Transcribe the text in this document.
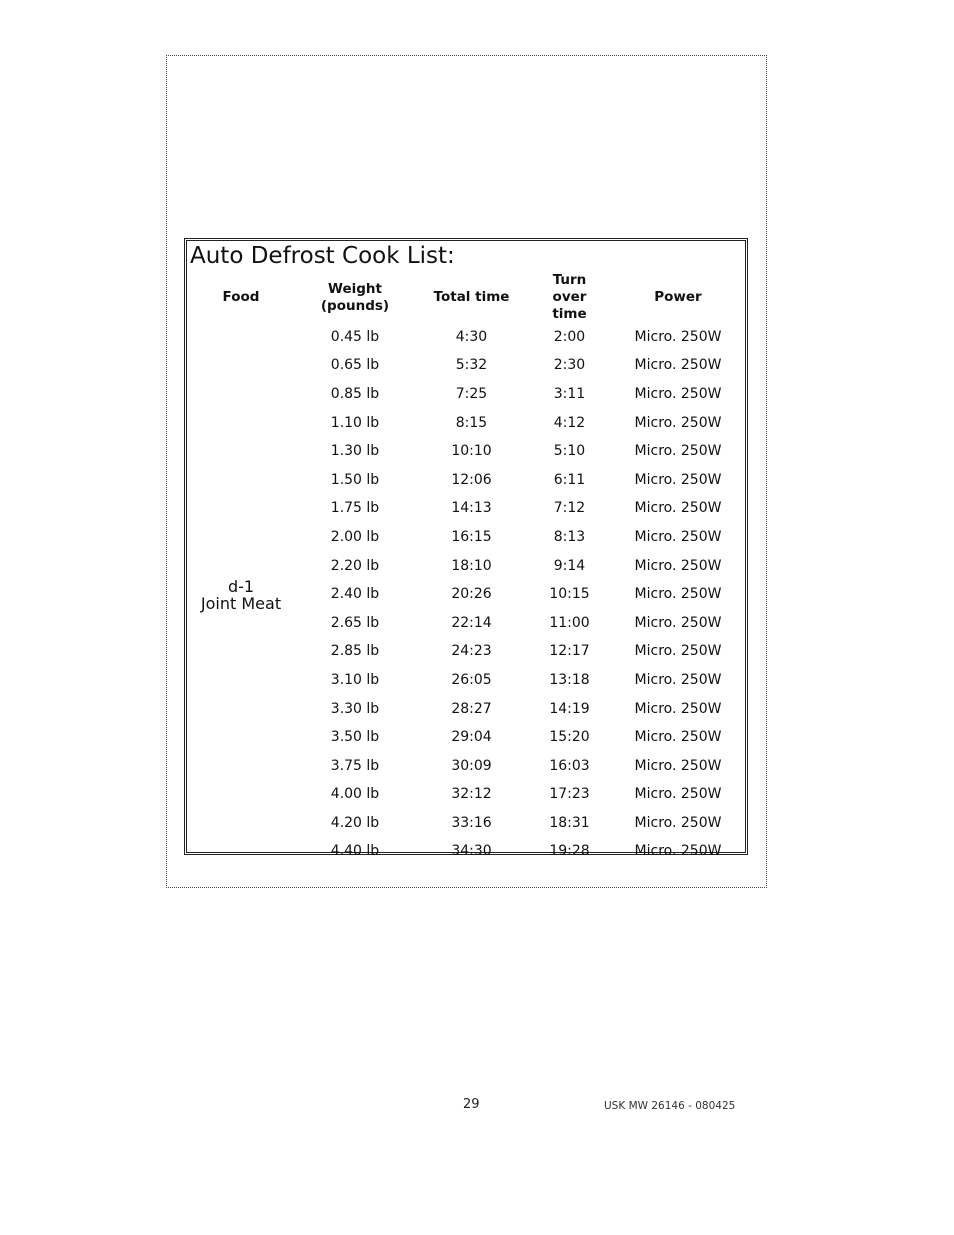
Auto Defrost Cook List:
Food	Weight (pounds)	Total time	Turn over time	Power

d-1
Joint Meat	0.45 lb	4:30	2:00	Micro. 250W
	0.65 lb	5:32	2:30	Micro. 250W
	0.85 lb	7:25	3:11	Micro. 250W
	1.10 lb	8:15	4:12	Micro. 250W
	1.30 lb	10:10	5:10	Micro. 250W
	1.50 lb	12:06	6:11	Micro. 250W
	1.75 lb	14:13	7:12	Micro. 250W
	2.00 lb	16:15	8:13	Micro. 250W
	2.20 lb	18:10	9:14	Micro. 250W
	2.40 lb	20:26	10:15	Micro. 250W
	2.65 lb	22:14	11:00	Micro. 250W
	2.85 lb	24:23	12:17	Micro. 250W
	3.10 lb	26:05	13:18	Micro. 250W
	3.30 lb	28:27	14:19	Micro. 250W
	3.50 lb	29:04	15:20	Micro. 250W
	3.75 lb	30:09	16:03	Micro. 250W
	4.00 lb	32:12	17:23	Micro. 250W
	4.20 lb	33:16	18:31	Micro. 250W
	4.40 lb	34:30	19:28	Micro. 250W
29	USK MW 26146 - 080425
